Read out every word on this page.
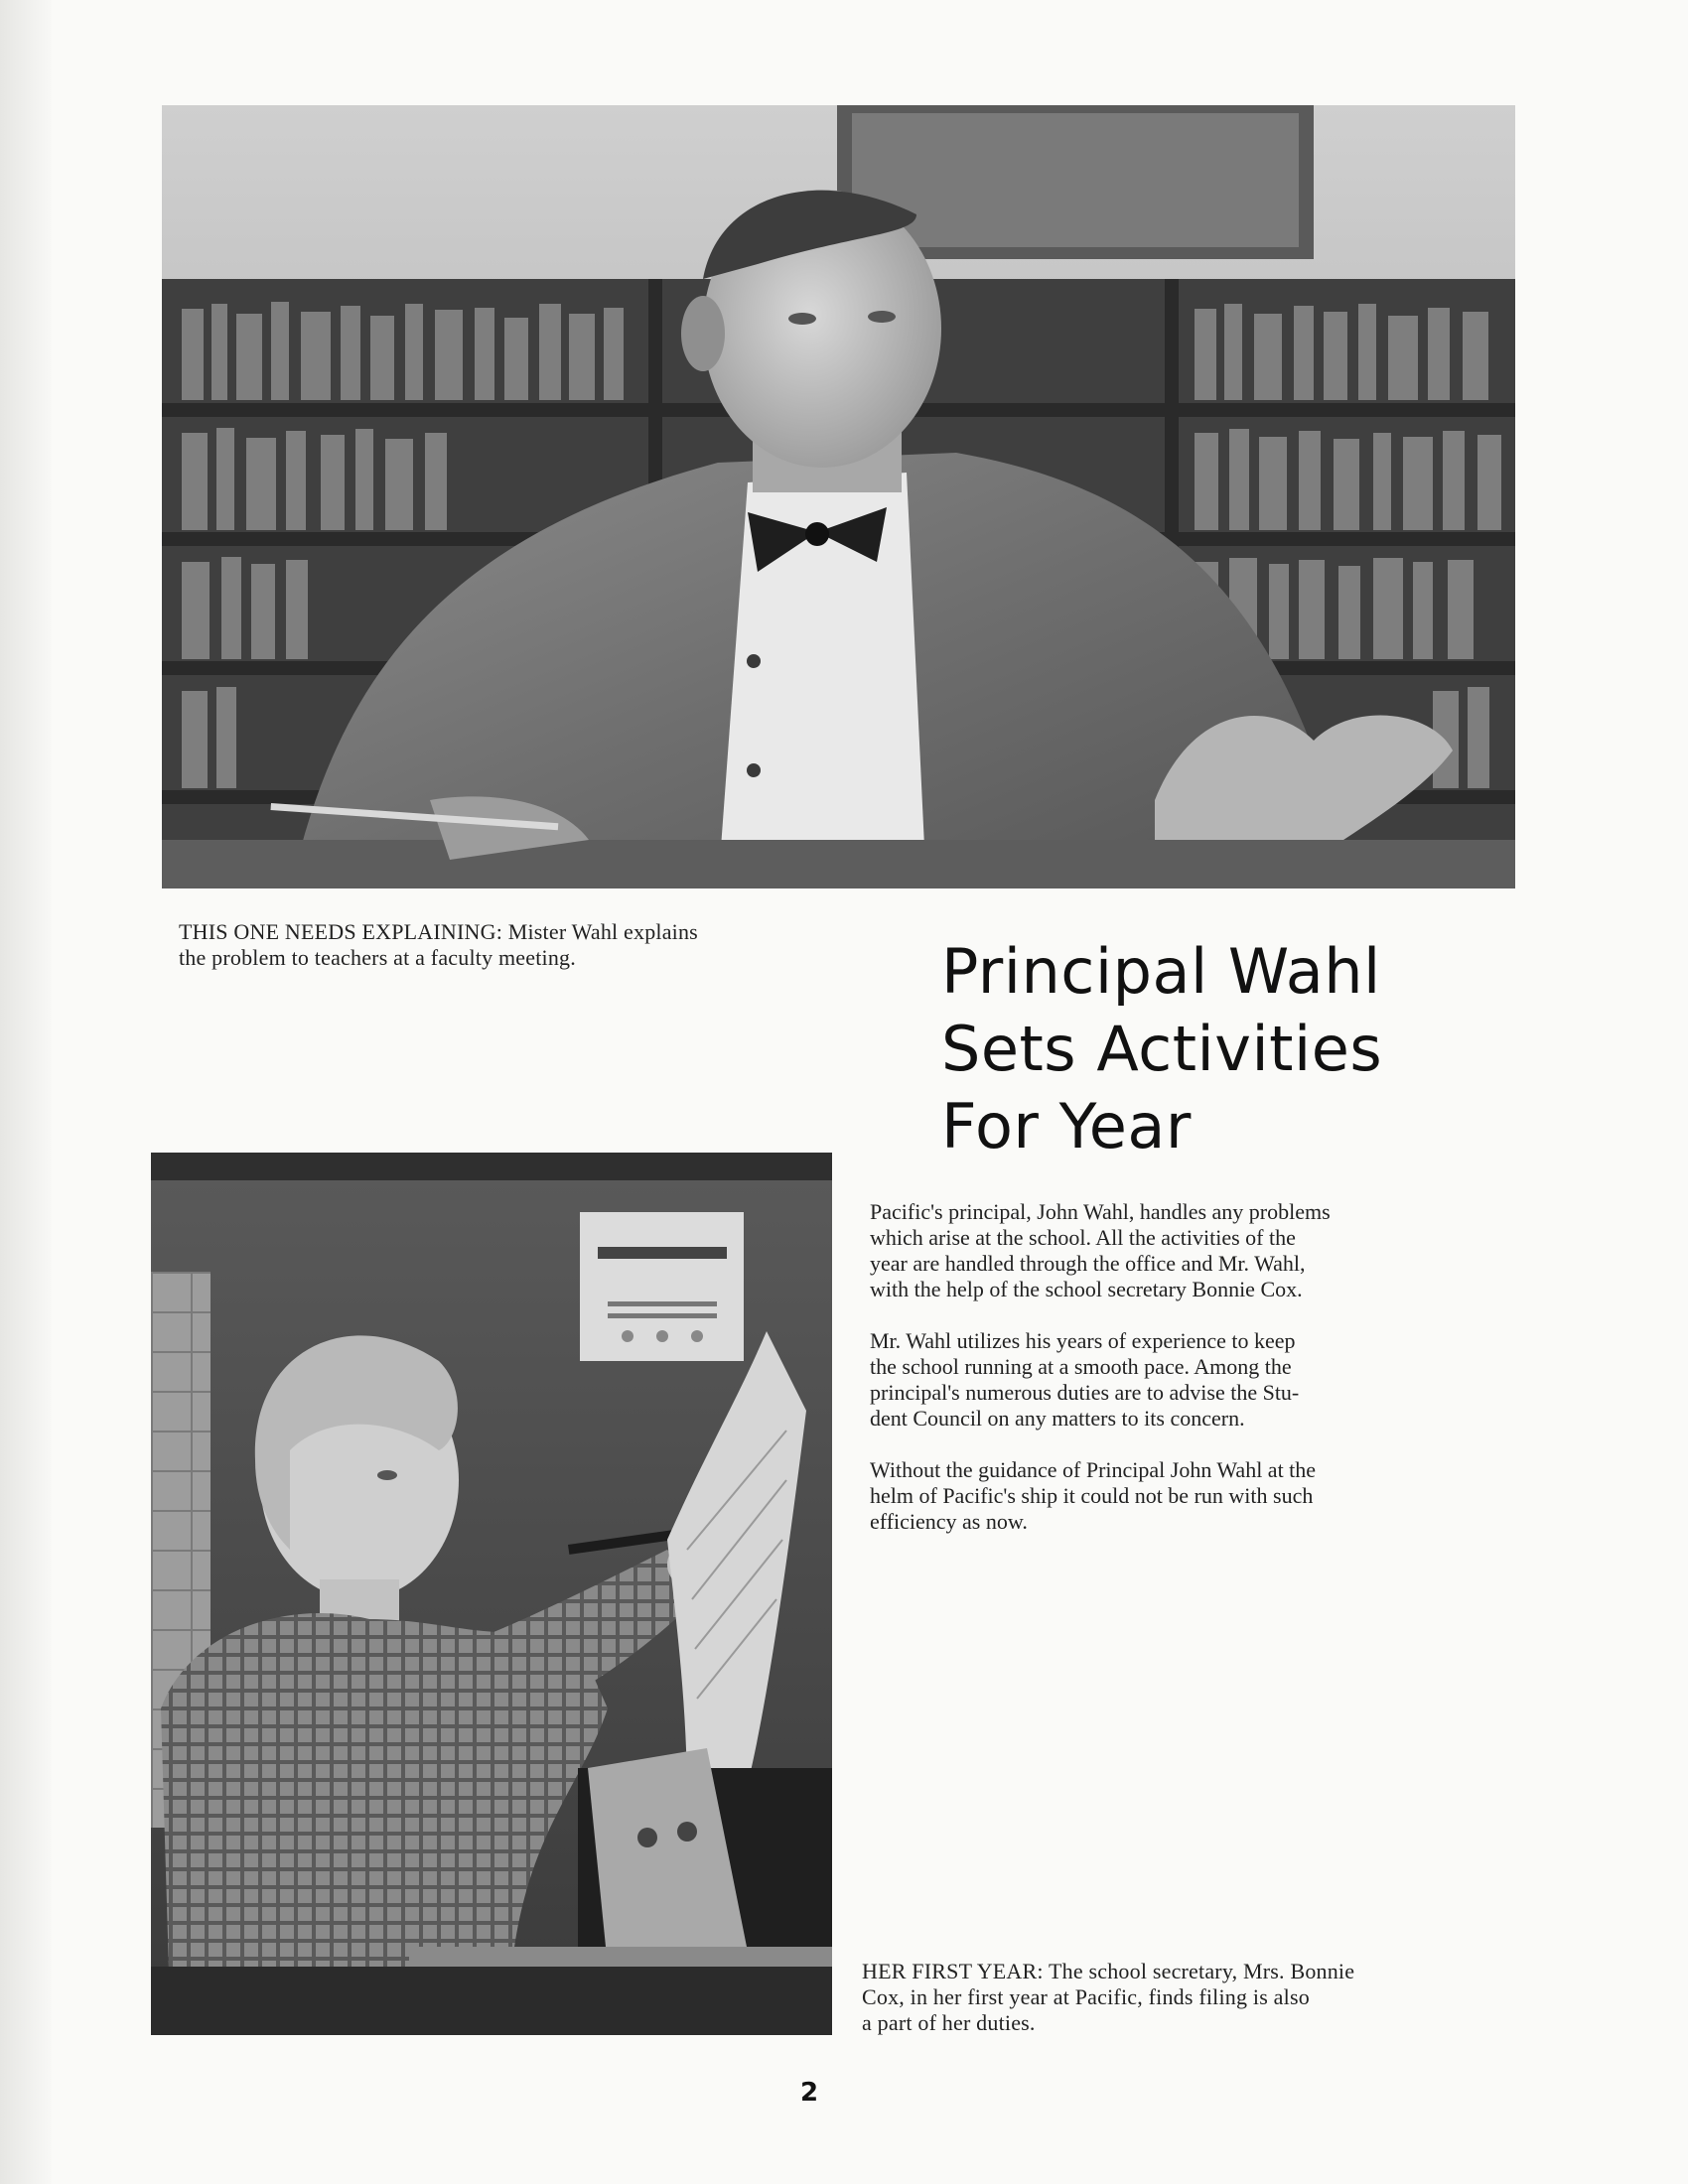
THIS ONE NEEDS EXPLAINING: Mister Wahl explains
the problem to teachers at a faculty meeting.	Principal Wahl
Sets Activities
For Year

Pacific's principal, John Wahl, handles any problems
which arise at the school. All the activities of the
year are handled through the office and Mr. Wahl,
with the help of the school secretary Bonnie Cox.

Mr. Wahl utilizes his years of experience to keep
the school running at a smooth pace. Among the
principal's numerous duties are to advise the Stu-
dent Council on any matters to its concern.

Without the guidance of Principal John Wahl at the
helm of Pacific's ship it could not be run with such
efficiency as now.

HER FIRST YEAR: The school secretary, Mrs. Bonnie
Cox, in her first year at Pacific, finds filing is also
a part of her duties.
2
